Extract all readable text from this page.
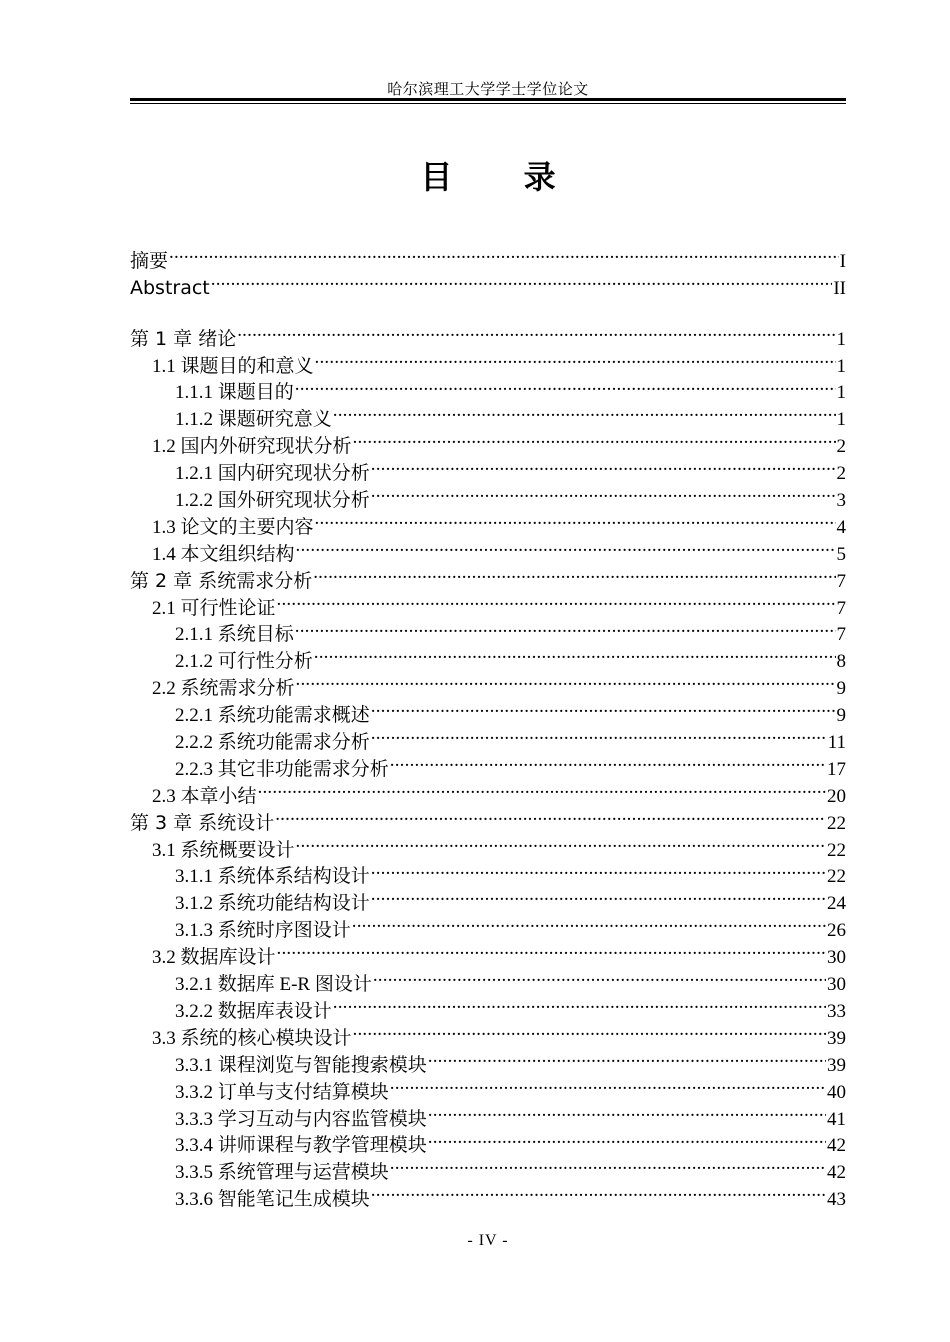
哈尔滨理工大学学士学位论文
目 录
摘要 .....	I
Abstract .....	II
第 1 章 绪论 .....	1
1.1 课题目的和意义 .....	1
1.1.1 课题目的 .....	1
1.1.2 课题研究意义 .....	1
1.2 国内外研究现状分析 .....	2
1.2.1 国内研究现状分析 .....	2
1.2.2 国外研究现状分析 .....	3
1.3 论文的主要内容 .....	4
1.4 本文组织结构 .....	5
第 2 章 系统需求分析 .....	7
2.1 可行性论证 .....	7
2.1.1 系统目标 .....	7
2.1.2 可行性分析 .....	8
2.2 系统需求分析 .....	9
2.2.1 系统功能需求概述 .....	9
2.2.2 系统功能需求分析 .....	11
2.2.3 其它非功能需求分析 .....	17
2.3 本章小结 .....	20
第 3 章 系统设计 .....	22
3.1 系统概要设计 .....	22
3.1.1 系统体系结构设计 .....	22
3.1.2 系统功能结构设计 .....	24
3.1.3 系统时序图设计 .....	26
3.2 数据库设计 .....	30
3.2.1 数据库 E-R 图设计 .....	30
3.2.2 数据库表设计 .....	33
3.3 系统的核心模块设计 .....	39
3.3.1 课程浏览与智能搜索模块 .....	39
3.3.2 订单与支付结算模块 .....	40
3.3.3 学习互动与内容监管模块 .....	41
3.3.4 讲师课程与教学管理模块 .....	42
3.3.5 系统管理与运营模块 .....	42
3.3.6 智能笔记生成模块 .....	43
- IV -
